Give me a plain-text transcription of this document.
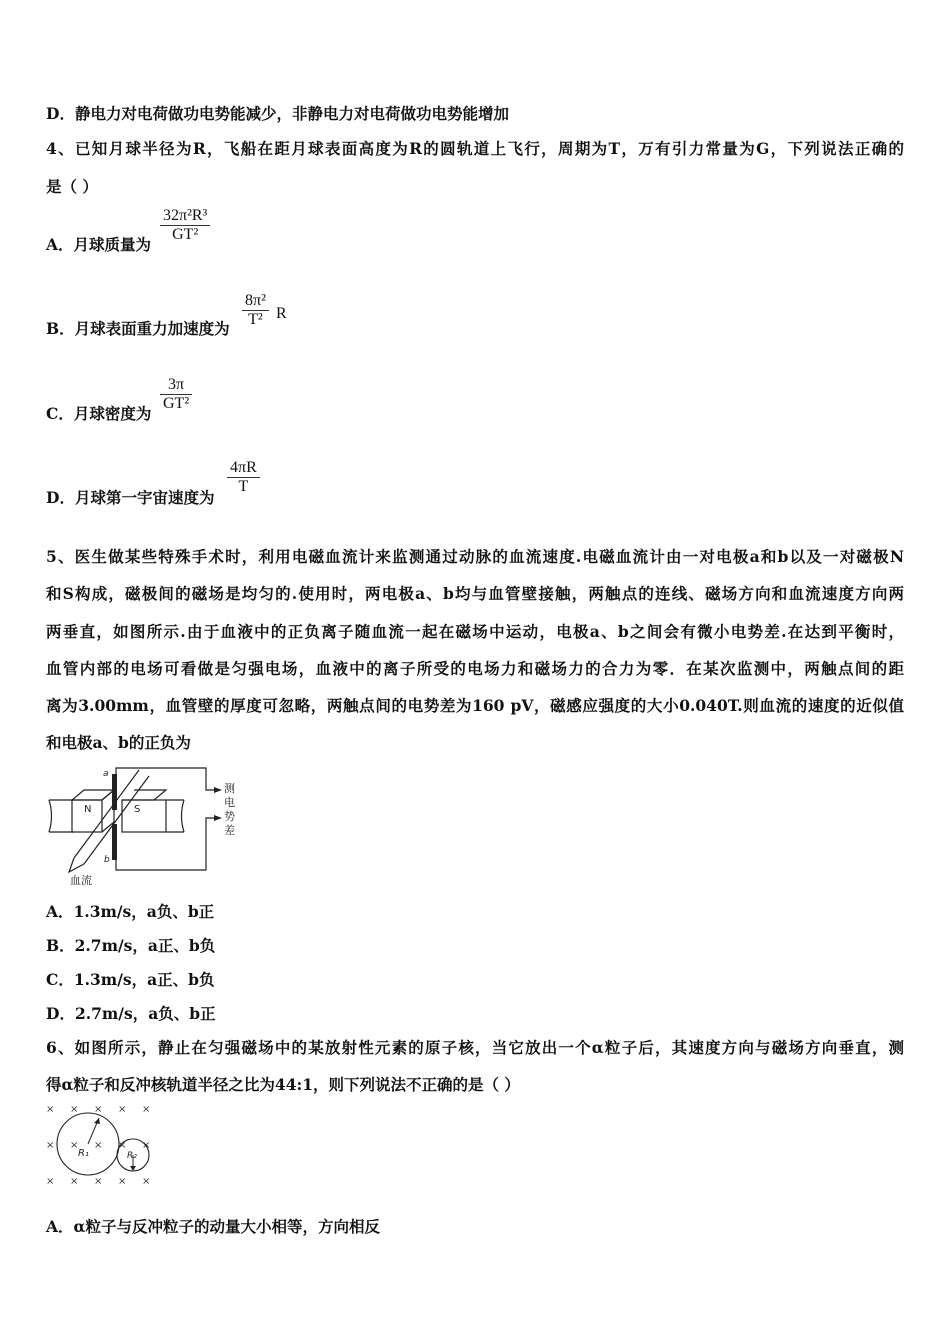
D．静电力对电荷做功电势能减少，非静电力对电荷做功电势能增加
4、已知月球半径为R，飞船在距月球表面高度为R的圆轨道上飞行，周期为T，万有引力常量为G，下列说法正确的
是（ ）
A．月球质量为
$\frac{\text{32π²R³}}{\text{GT²}}$
B．月球表面重力加速度为 $\frac{\text{8π²}}{\text{T²}}$ R
C．月球密度为
$\frac{3\pi}{\text{GT²}}$
D．月球第一宇宙速度为
$\frac{4\pi R}{T}$
5、医生做某些特殊手术时，利用电磁血流计来监测通过动脉的血流速度.电磁血流计由一对电极a和b以及一对磁极N
和S构成，磁极间的磁场是均匀的.使用时，两电极a、b均与血管壁接触，两触点的连线、磁场方向和血流速度方向两
两垂直，如图所示.由于血液中的正负离子随血流一起在磁场中运动，电极a、b之间会有微小电势差.在达到平衡时，
血管内部的电场可看做是匀强电场，血液中的离子所受的电场力和磁场力的合力为零．在某次监测中，两触点间的距
离为3.00mm，血管壁的厚度可忽略，两触点间的电势差为160 pV，磁感应强度的大小0.040T.则血流的速度的近似值
和电极a、b的正负为
N	S
a
b
测
电
势
差
血流
A．1.3m/s，a负、b正
B．2.7m/s，a正、b负
C．1.3m/s，a正、b负
D．2.7m/s，a负、b正
6、如图所示，静止在匀强磁场中的某放射性元素的原子核，当它放出一个α粒子后，其速度方向与磁场方向垂直，测
得α粒子和反冲核轨道半径之比为44:1，则下列说法不正确的是（ ）
× × × × ×
× × × × ×
× × × × ×
R₁	R₂
A．α粒子与反冲粒子的动量大小相等，方向相反
